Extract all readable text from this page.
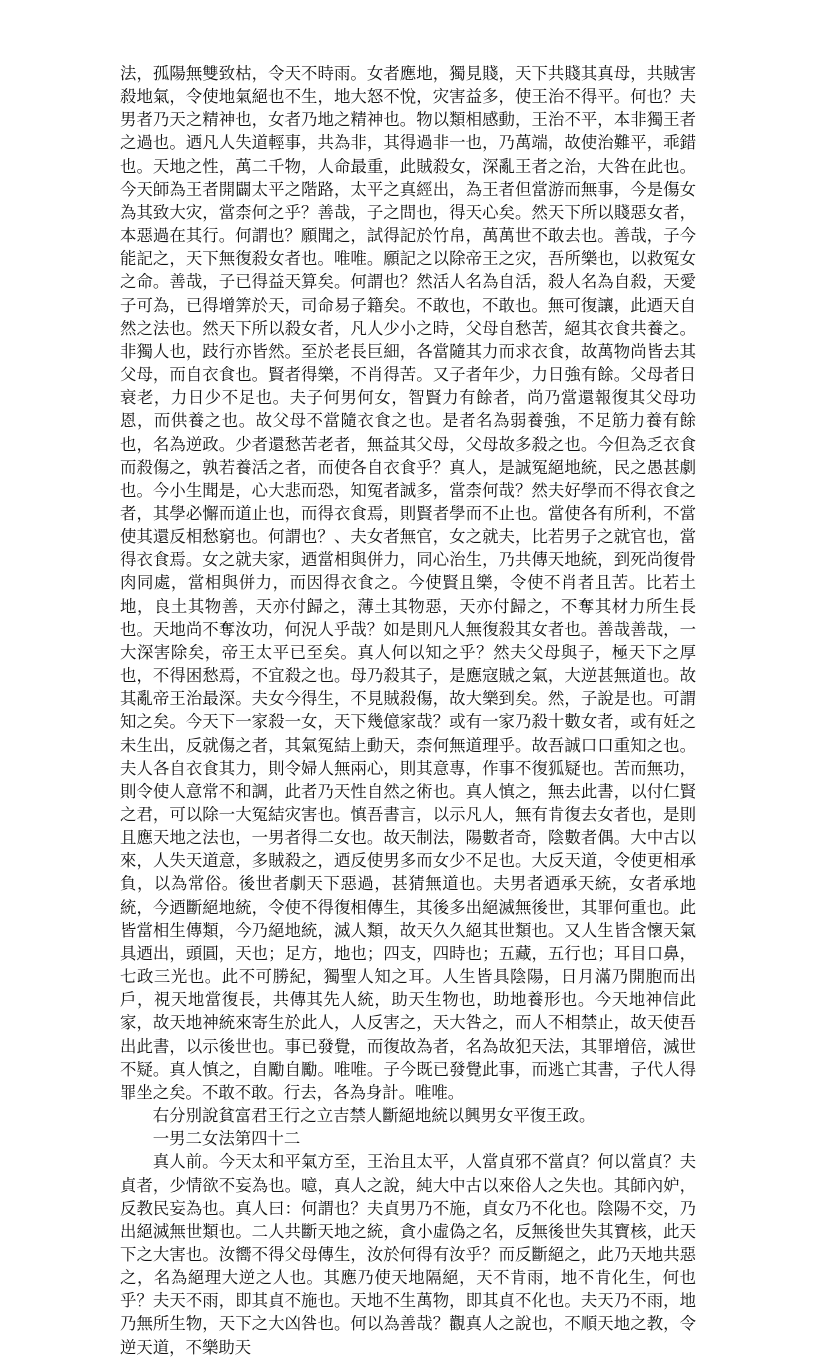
法，孤陽無雙致枯，令天不時雨。女者應地，獨見賤，天下共賤其真母，共賊害殺地氣，令使地氣絕也不生，地大怒不悅，灾害益多，使王治不得平。何也？夫男者乃天之精神也，女者乃地之精神也。物以類相感動，王治不平，本非獨王者之過也。迺凡人失道輕事，共為非，其得過非一也，乃萬端，故使治難平，乖錯也。天地之性，萬二千物，人命最重，此賊殺女，深亂王者之治，大咎在此也。今天師為王者開闢太平之階路，太平之真經出，為王者但當游而無事，今是傷女為其致大灾，當柰何之乎？善哉，子之問也，得天心矣。然天下所以賤惡女者，本惡過在其行。何謂也？願聞之，試得記於竹帛，萬萬世不敢去也。善哉，子今能記之，天下無復殺女者也。唯唯。願記之以除帝王之灾，吾所樂也，以救冤女之命。善哉，子已得益天算矣。何謂也？然活人名為自活，殺人名為自殺，天愛子可為，已得增筭於天，司命易子籍矣。不敢也，不敢也。無可復讓，此迺天自然之法也。然天下所以殺女者，凡人少小之時，父母自愁苦，絕其衣食共養之。非獨人也，跂行亦皆然。至於老長巨細，各當隨其力而求衣食，故萬物尚皆去其父母，而自衣食也。賢者得樂，不肖得苦。又子者年少，力日強有餘。父母者日衰老，力日少不足也。夫子何男何女，智賢力有餘者，尚乃當還報復其父母功恩，而供養之也。故父母不當隨衣食之也。是者名為弱養強，不足筋力養有餘也，名為逆政。少者還愁苦老者，無益其父母，父母故多殺之也。今但為乏衣食而殺傷之，孰若養活之者，而使各自衣食乎？真人，是誠冤絕地統，民之愚甚劇也。今小生聞是，心大悲而恐，知冤者誠多，當柰何哉？然夫好學而不得衣食之者，其學必懈而道止也，而得衣食焉，則賢者學而不止也。當使各有所利，不當使其還反相愁窮也。何謂也？、夫女者無官，女之就夫，比若男子之就官也，當得衣食焉。女之就夫家，迺當相與併力，同心治生，乃共傳天地統，到死尚復骨肉同處，當相與併力，而因得衣食之。今使賢且樂，令使不肖者且苦。比若土地，良土其物善，天亦付歸之，薄土其物惡，天亦付歸之，不奪其材力所生長也。天地尚不奪汝功，何況人乎哉？如是則凡人無復殺其女者也。善哉善哉，一大深害除矣，帝王太平已至矣。真人何以知之乎？然夫父母與子，極天下之厚也，不得困愁焉，不宜殺之也。母乃殺其子，是應寇賊之氣，大逆甚無道也。故其亂帝王治最深。夫女今得生，不見賊殺傷，故大樂到矣。然，子說是也。可謂知之矣。今天下一家殺一女，天下幾億家哉？或有一家乃殺十數女者，或有妊之未生出，反就傷之者，其氣冤結上動天，柰何無道理乎。故吾誠口口重知之也。夫人各自衣食其力，則令婦人無兩心，則其意專，作事不復狐疑也。苦而無功，則令使人意常不和調，此者乃天性自然之術也。真人慎之，無去此書，以付仁賢之君，可以除一大冤結灾害也。慎吾書言，以示凡人，無有肯復去女者也，是則且應天地之法也，一男者得二女也。故天制法，陽數者奇，陰數者偶。大中古以來，人失天道意，多賊殺之，迺反使男多而女少不足也。大反天道，令使更相承負，以為常俗。後世者劇天下惡過，甚猜無道也。夫男者迺承天統，女者承地統，今迺斷絕地統，令使不得復相傳生，其後多出絕滅無後世，其罪何重也。此皆當相生傳類，今乃絕地統，滅人類，故天久久絕其世類也。又人生皆含懷天氣具迺出，頭圓，天也；足方，地也；四支，四時也；五藏，五行也；耳目口鼻，七政三光也。此不可勝紀，獨聖人知之耳。人生皆具陰陽，日月滿乃開胞而出戶，視天地當復長，共傳其先人統，助天生物也，助地養形也。今天地神信此家，故天地神統來寄生於此人，人反害之，天大咎之，而人不相禁止，故天使吾出此書，以示後世也。事已發覺，而復故為者，名為故犯天法，其罪增倍，滅世不疑。真人慎之，自勵自勵。唯唯。子今既已發覺此事，而逃亡其書，子代人得罪坐之矣。不敢不敢。行去，各為身計。唯唯。

右分別說貧富君王行之立吉禁人斷絕地統以興男女平復王政。

一男二女法第四十二

真人前。今天太和平氣方至，王治且太平，人當貞邪不當貞？何以當貞？夫貞者，少情欲不妄為也。噫，真人之說，純大中古以來俗人之失也。其師內妒，反教民妄為也。真人曰：何謂也？夫貞男乃不施，貞女乃不化也。陰陽不交，乃出絕滅無世類也。二人共斷天地之統，貪小虛偽之名，反無後世失其寶核，此天下之大害也。汝嚮不得父母傳生，汝於何得有汝乎？而反斷絕之，此乃天地共惡之，名為絕理大逆之人也。其應乃使天地隔絕，天不肯雨，地不肯化生，何也乎？夫天不雨，即其貞不施也。天地不生萬物，即其貞不化也。夫天乃不雨，地乃無所生物，天下之大凶咎也。何以為善哉？觀真人之說也，不順天地之教，令逆天道，不樂助天
